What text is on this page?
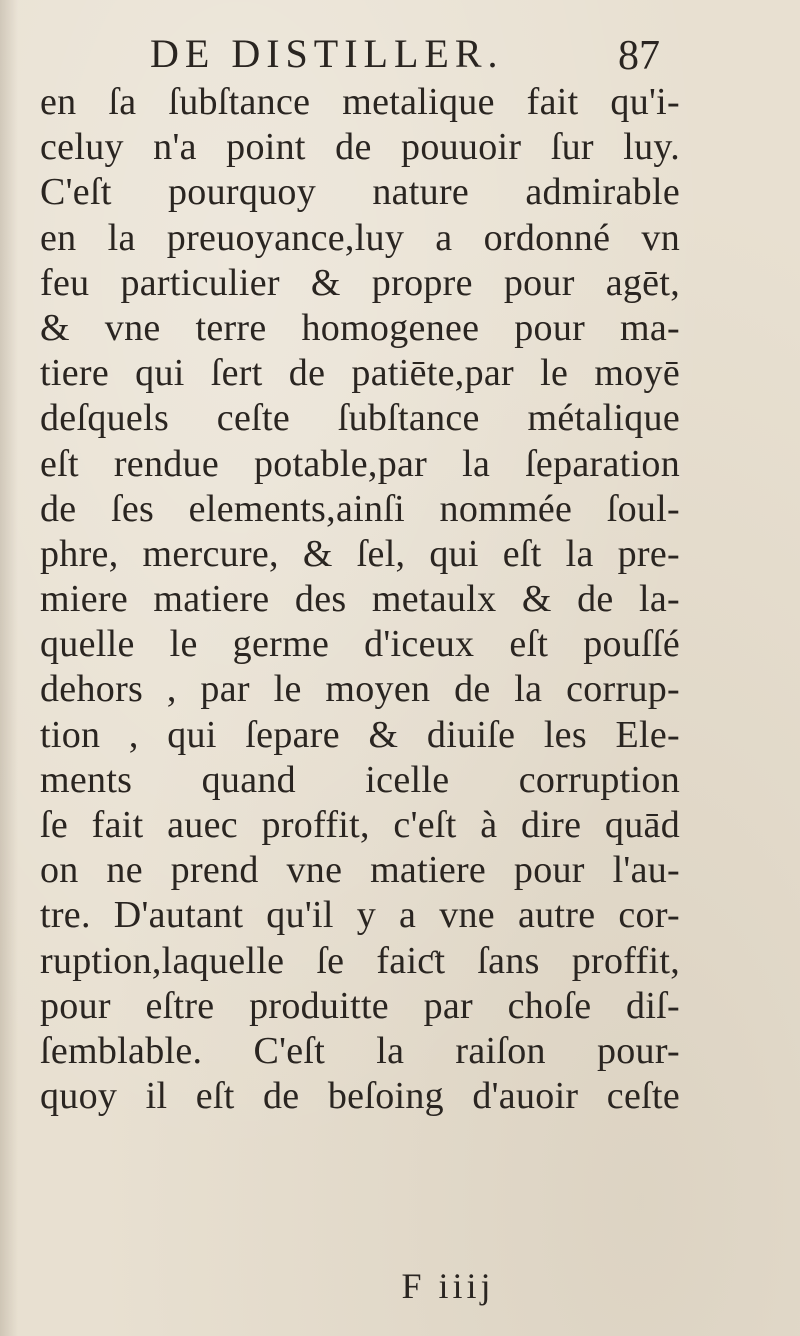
DE DISTILLER.	87
en ſa ſubſtance metalique fait qu'i-
celuy n'a point de pouuoir ſur luy.
C'eſt pourquoy nature admirable
en la preuoyance,luy a ordonné vn
feu particulier & propre pour agēt,
& vne terre homogenee pour ma-
tiere qui ſert de patiēte,par le moyē
deſquels ceſte ſubſtance métalique
eſt rendue potable,par la ſeparation
de ſes elements,ainſi nommée ſoul-
phre, mercure, & ſel, qui eſt la pre-
miere matiere des metaulx & de la-
quelle le germe d'iceux eſt pouſſé
dehors , par le moyen de la corrup-
tion , qui ſepare & diuiſe les Ele-
ments quand icelle corruption
ſe fait auec proffit, c'eſt à dire quād
on ne prend vne matiere pour l'au-
tre. D'autant qu'il y a vne autre cor-
ruption,laquelle ſe faiƈt ſans proffit,
pour eſtre produitte par choſe diſ-
ſemblable. C'eſt la raiſon pour-
quoy il eſt de beſoing d'auoir ceſte
F iiij
